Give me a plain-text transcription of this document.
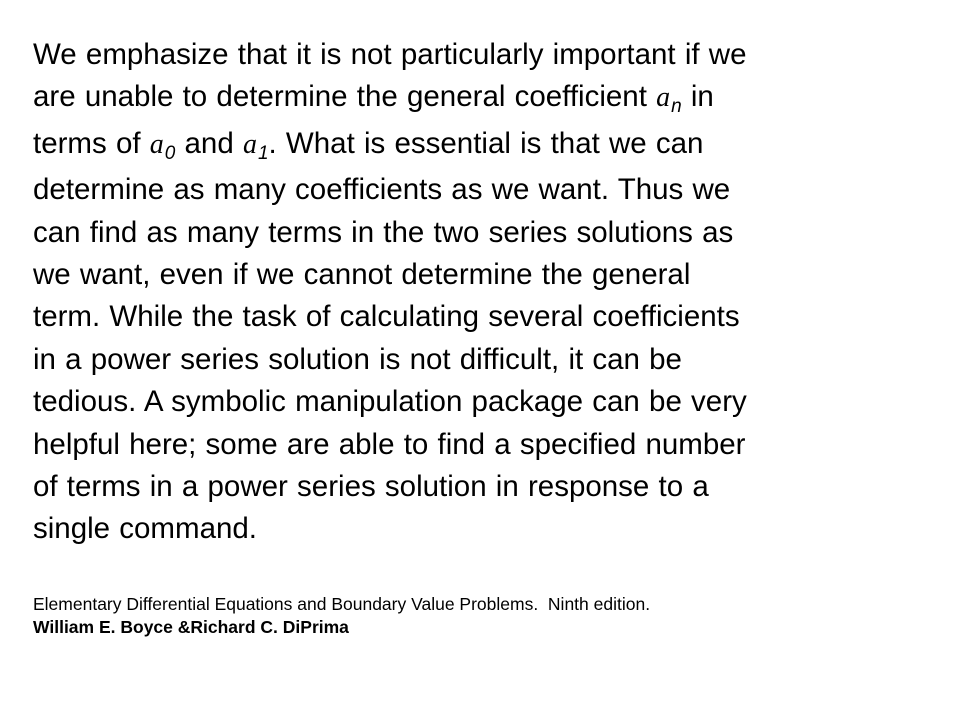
We emphasize that it is not particularly important if we
are unable to determine the general coefficient $a_n$ in
terms of $a_0$ and $a_1$. What is essential is that we can
determine as many coefficients as we want. Thus we
can find as many terms in the two series solutions as
we want, even if we cannot determine the general
term. While the task of calculating several coefficients
in a power series solution is not difficult, it can be
tedious. A symbolic manipulation package can be very
helpful here; some are able to find a specified number
of terms in a power series solution in response to a
single command.

Elementary Differential Equations and Boundary Value Problems.  Ninth edition.
William E. Boyce &Richard C. DiPrima
